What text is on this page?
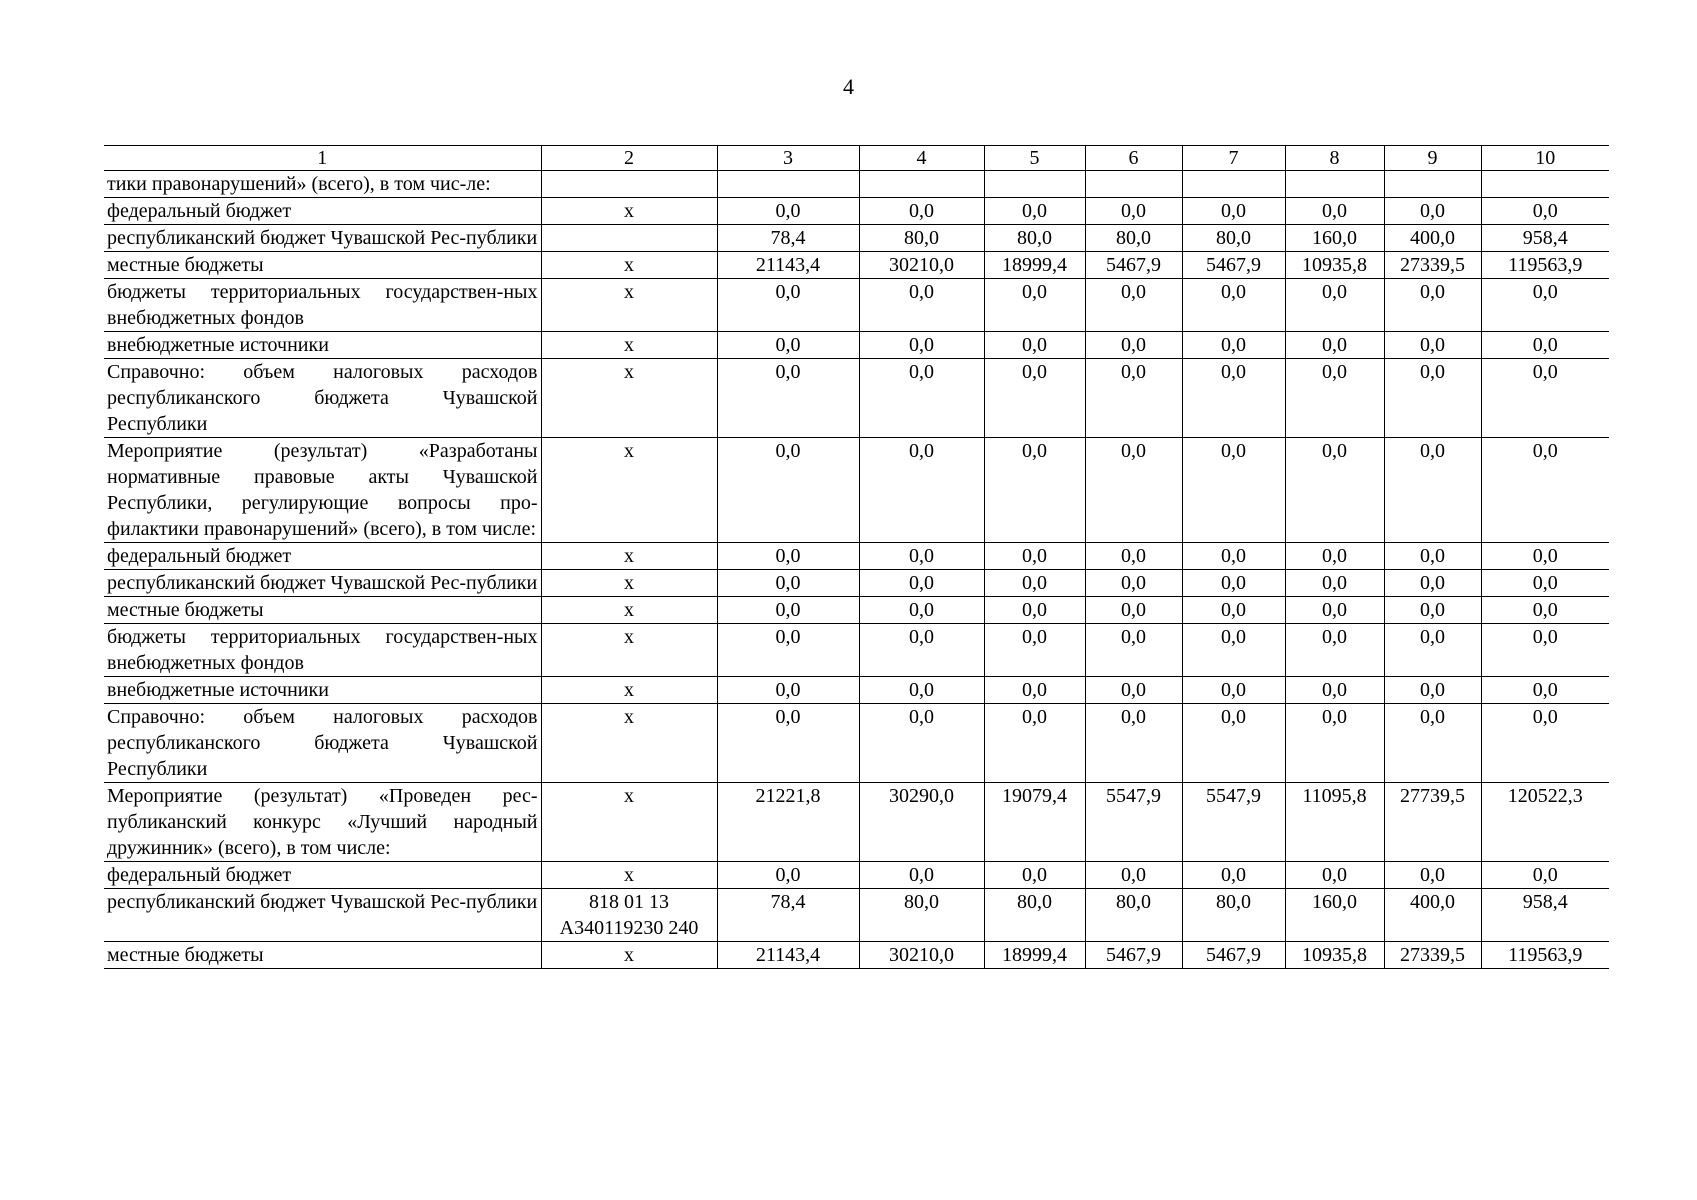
4
1	2	3	4	5	6	7	8	9	10
тики правонарушений» (всего), в том чис-ле:									
федеральный бюджет	х	0,0	0,0	0,0	0,0	0,0	0,0	0,0	0,0
республиканский бюджет Чувашской Рес-публики		78,4	80,0	80,0	80,0	80,0	160,0	400,0	958,4
местные бюджеты	х	21143,4	30210,0	18999,4	5467,9	5467,9	10935,8	27339,5	119563,9
бюджеты территориальных государствен-ных внебюджетных фондов	х	0,0	0,0	0,0	0,0	0,0	0,0	0,0	0,0
внебюджетные источники	х	0,0	0,0	0,0	0,0	0,0	0,0	0,0	0,0
Справочно: объем налоговых расходов республиканского бюджета Чувашской Республики	х	0,0	0,0	0,0	0,0	0,0	0,0	0,0	0,0
Мероприятие (результат) «Разработаны нормативные правовые акты Чувашской Республики, регулирующие вопросы про-филактики правонарушений» (всего), в том числе:	х	0,0	0,0	0,0	0,0	0,0	0,0	0,0	0,0
федеральный бюджет	х	0,0	0,0	0,0	0,0	0,0	0,0	0,0	0,0
республиканский бюджет Чувашской Рес-публики	х	0,0	0,0	0,0	0,0	0,0	0,0	0,0	0,0
местные бюджеты	х	0,0	0,0	0,0	0,0	0,0	0,0	0,0	0,0
бюджеты территориальных государствен-ных внебюджетных фондов	х	0,0	0,0	0,0	0,0	0,0	0,0	0,0	0,0
внебюджетные источники	х	0,0	0,0	0,0	0,0	0,0	0,0	0,0	0,0
Справочно: объем налоговых расходов республиканского бюджета Чувашской Республики	х	0,0	0,0	0,0	0,0	0,0	0,0	0,0	0,0
Мероприятие (результат) «Проведен рес-публиканский конкурс «Лучший народный дружинник» (всего), в том числе:	х	21221,8	30290,0	19079,4	5547,9	5547,9	11095,8	27739,5	120522,3
федеральный бюджет	х	0,0	0,0	0,0	0,0	0,0	0,0	0,0	0,0
республиканский бюджет Чувашской Рес-публики	818 01 13 А340119230 240	78,4	80,0	80,0	80,0	80,0	160,0	400,0	958,4
местные бюджеты	х	21143,4	30210,0	18999,4	5467,9	5467,9	10935,8	27339,5	119563,9
